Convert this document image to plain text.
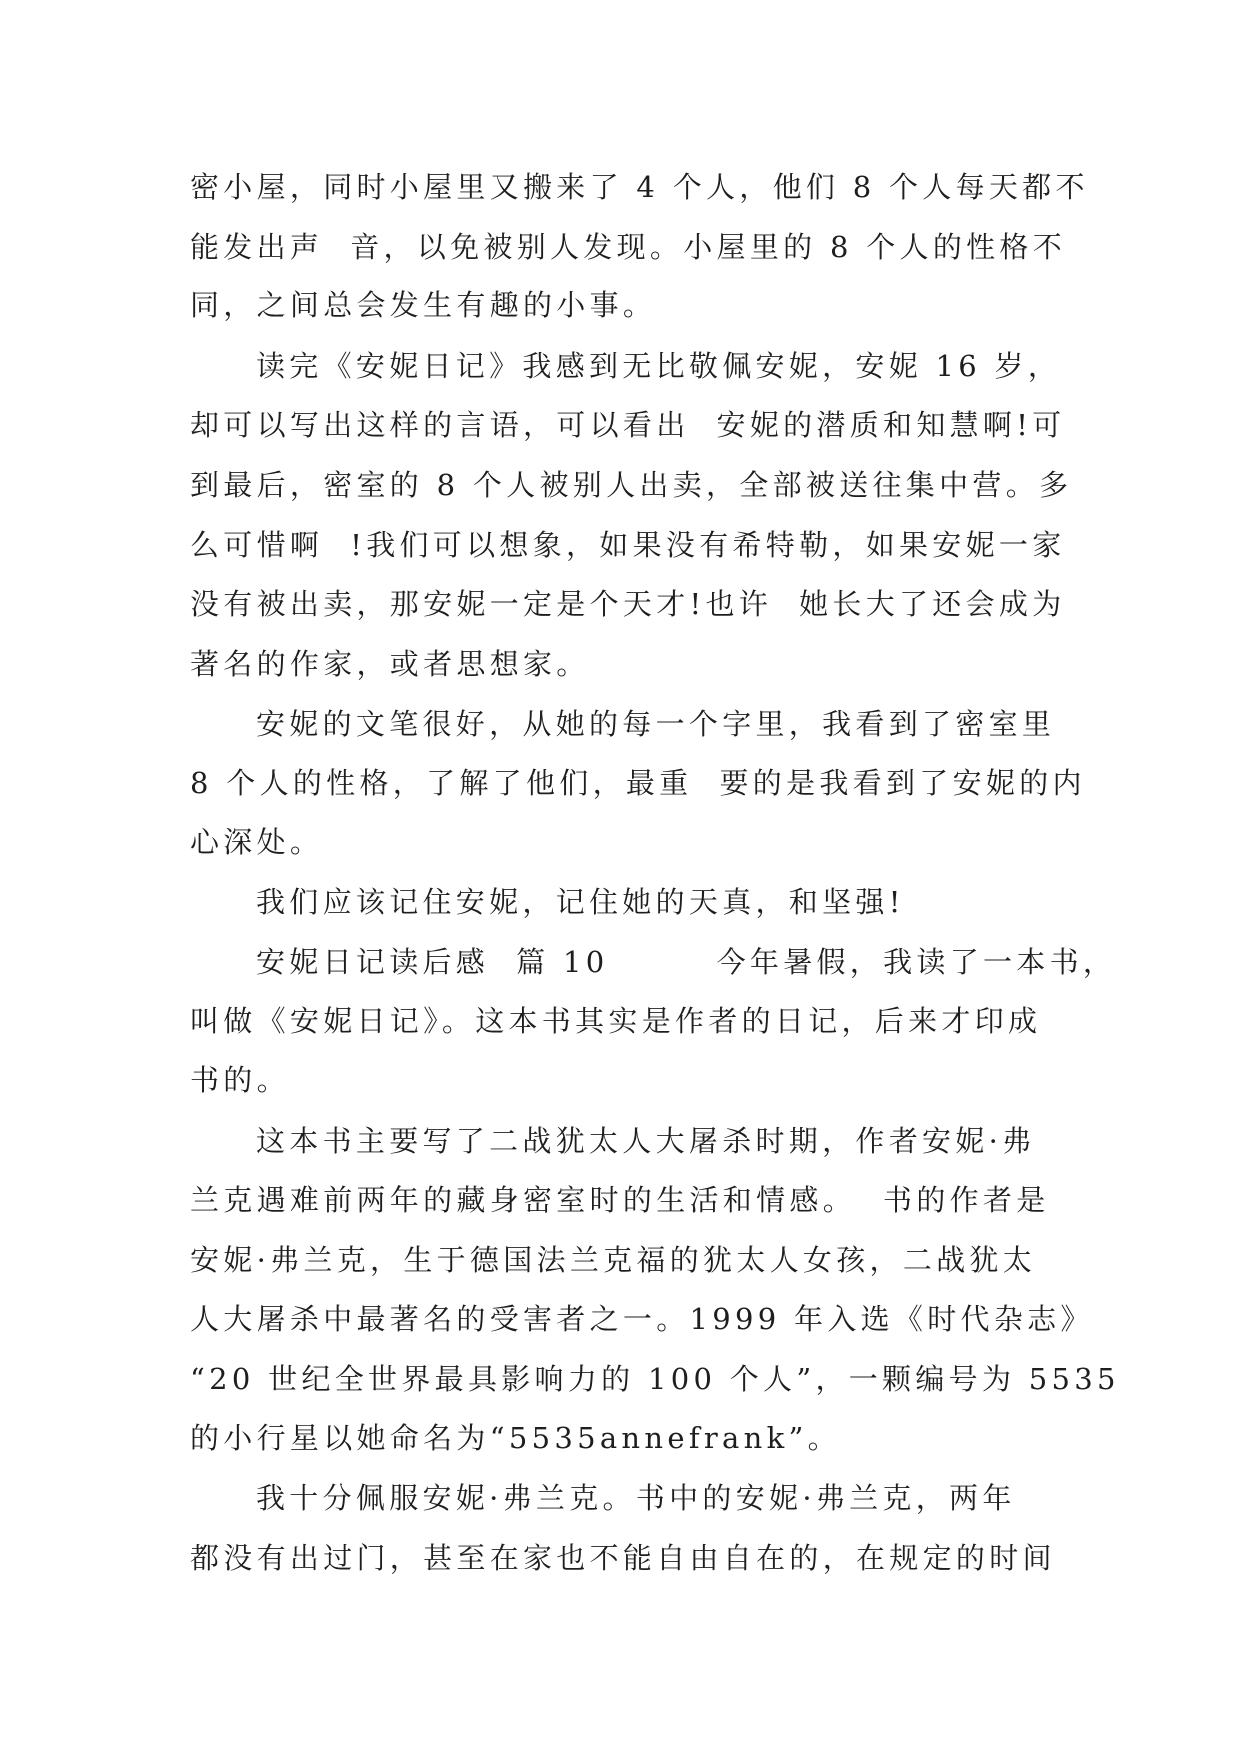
密小屋，同时小屋里又搬来了 4 个人，他们 8 个人每天都不
能发出声  音，以免被别人发现。小屋里的 8 个人的性格不
同，之间总会发生有趣的小事。
读完《安妮日记》我感到无比敬佩安妮，安妮 16 岁，
却可以写出这样的言语，可以看出  安妮的潜质和知慧啊!可
到最后，密室的 8 个人被别人出卖，全部被送往集中营。多
么可惜啊  !我们可以想象，如果没有希特勒，如果安妮一家
没有被出卖，那安妮一定是个天才!也许  她长大了还会成为
著名的作家，或者思想家。
安妮的文笔很好，从她的每一个字里，我看到了密室里
8 个人的性格，了解了他们，最重  要的是我看到了安妮的内
心深处。
我们应该记住安妮，记住她的天真，和坚强!
安妮日记读后感  篇 10        今年暑假，我读了一本书，
叫做《安妮日记》。这本书其实是作者的日记，后来才印成
书的。
这本书主要写了二战犹太人大屠杀时期，作者安妮·弗
兰克遇难前两年的藏身密室时的生活和情感。  书的作者是
安妮·弗兰克，生于德国法兰克福的犹太人女孩，二战犹太
人大屠杀中最著名的受害者之一。1999 年入选《时代杂志》
“20 世纪全世界最具影响力的 100 个人”，一颗编号为 5535
的小行星以她命名为“5535annefrank”。
我十分佩服安妮·弗兰克。书中的安妮·弗兰克，两年
都没有出过门，甚至在家也不能自由自在的，在规定的时间
